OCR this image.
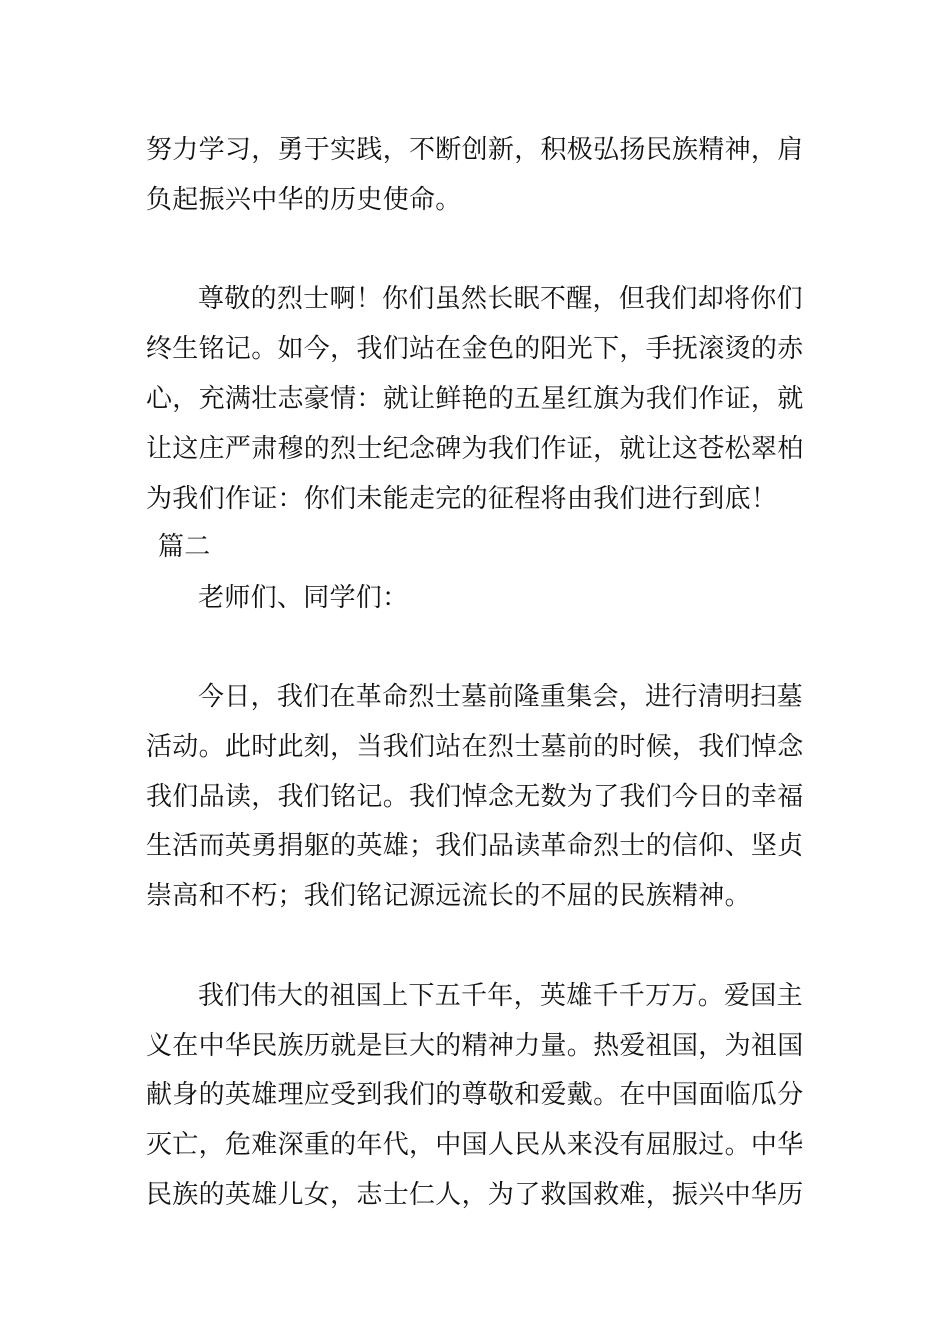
努力学习，勇于实践，不断创新，积极弘扬民族精神，肩
负起振兴中华的历史使命。
尊敬的烈士啊！你们虽然长眠不醒，但我们却将你们
终生铭记。如今，我们站在金色的阳光下，手抚滚烫的赤
心，充满壮志豪情：就让鲜艳的五星红旗为我们作证，就
让这庄严肃穆的烈士纪念碑为我们作证，就让这苍松翠柏
为我们作证：你们未能走完的征程将由我们进行到底！
篇二
老师们、同学们：
今日，我们在革命烈士墓前隆重集会，进行清明扫墓
活动。此时此刻，当我们站在烈士墓前的时候，我们悼念
我们品读，我们铭记。我们悼念无数为了我们今日的幸福
生活而英勇捐躯的英雄；我们品读革命烈士的信仰、坚贞
崇高和不朽；我们铭记源远流长的不屈的民族精神。
我们伟大的祖国上下五千年，英雄千千万万。爱国主
义在中华民族历就是巨大的精神力量。热爱祖国，为祖国
献身的英雄理应受到我们的尊敬和爱戴。在中国面临瓜分
灭亡，危难深重的年代，中国人民从来没有屈服过。中华
民族的英雄儿女，志士仁人，为了救国救难，振兴中华历
